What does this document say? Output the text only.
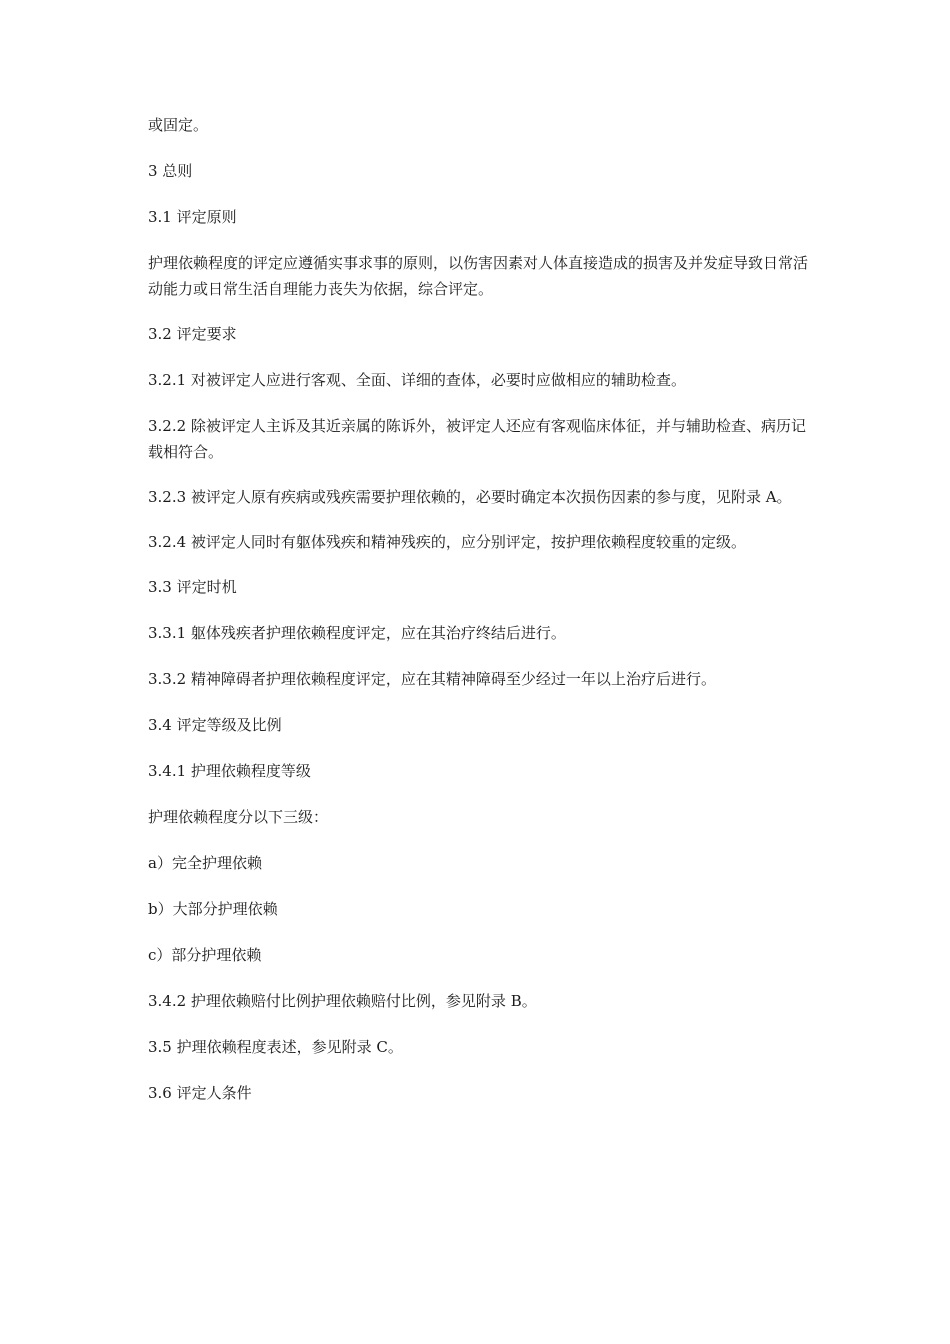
或固定。

3 总则

3.1 评定原则

护理依赖程度的评定应遵循实事求事的原则，以伤害因素对人体直接造成的损害及并发症导致日常活动能力或日常生活自理能力丧失为依据，综合评定。

3.2 评定要求

3.2.1 对被评定人应进行客观、全面、详细的查体，必要时应做相应的辅助检查。

3.2.2 除被评定人主诉及其近亲属的陈诉外，被评定人还应有客观临床体征，并与辅助检查、病历记载相符合。

3.2.3 被评定人原有疾病或残疾需要护理依赖的，必要时确定本次损伤因素的参与度，见附录 A。

3.2.4 被评定人同时有躯体残疾和精神残疾的，应分别评定，按护理依赖程度较重的定级。

3.3 评定时机

3.3.1 躯体残疾者护理依赖程度评定，应在其治疗终结后进行。

3.3.2 精神障碍者护理依赖程度评定，应在其精神障碍至少经过一年以上治疗后进行。

3.4 评定等级及比例

3.4.1 护理依赖程度等级

护理依赖程度分以下三级：

a）完全护理依赖

b）大部分护理依赖

c）部分护理依赖

3.4.2 护理依赖赔付比例护理依赖赔付比例，参见附录 B。

3.5 护理依赖程度表述，参见附录 C。

3.6 评定人条件
